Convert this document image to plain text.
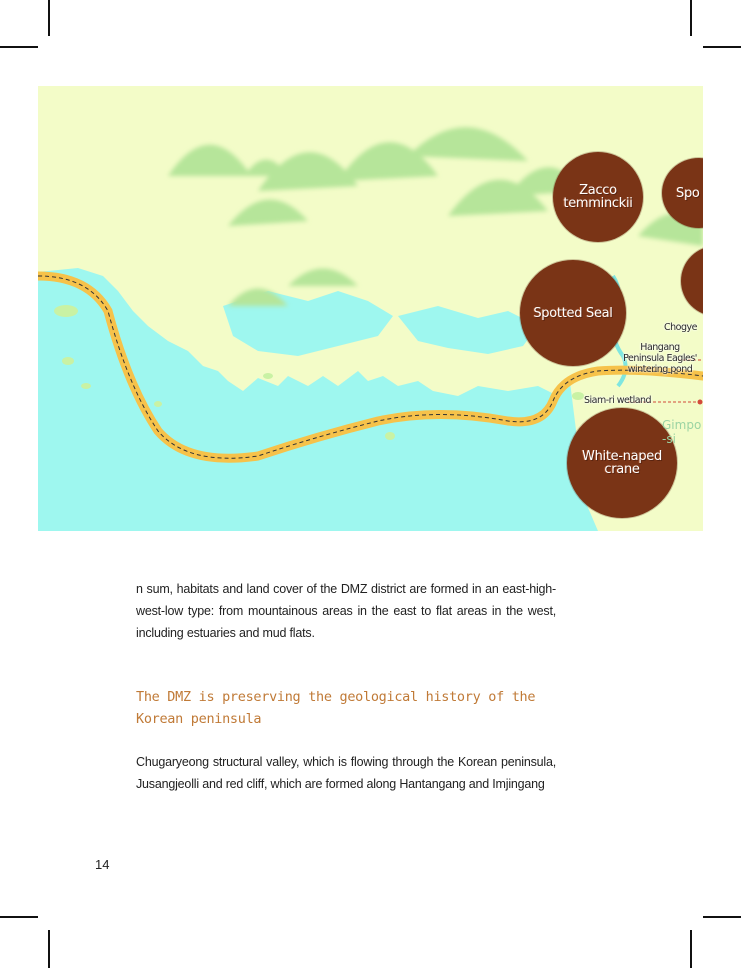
Zacco temminckii
Spotted Seal
White-naped crane
Spo
Chogye
Hangang Peninsula Eagles' wintering pond
Siam-ri wetland
Gimpo -si

n sum, habitats and land cover of the DMZ district are formed in an east-high-west-low type: from mountainous areas in the east to flat areas in the west, including estuaries and mud flats.

The DMZ is preserving the geological history of the Korean peninsula

Chugaryeong structural valley, which is flowing through the Korean peninsula, Jusangjeolli and red cliff, which are formed along Hantangang and Imjingang

14
